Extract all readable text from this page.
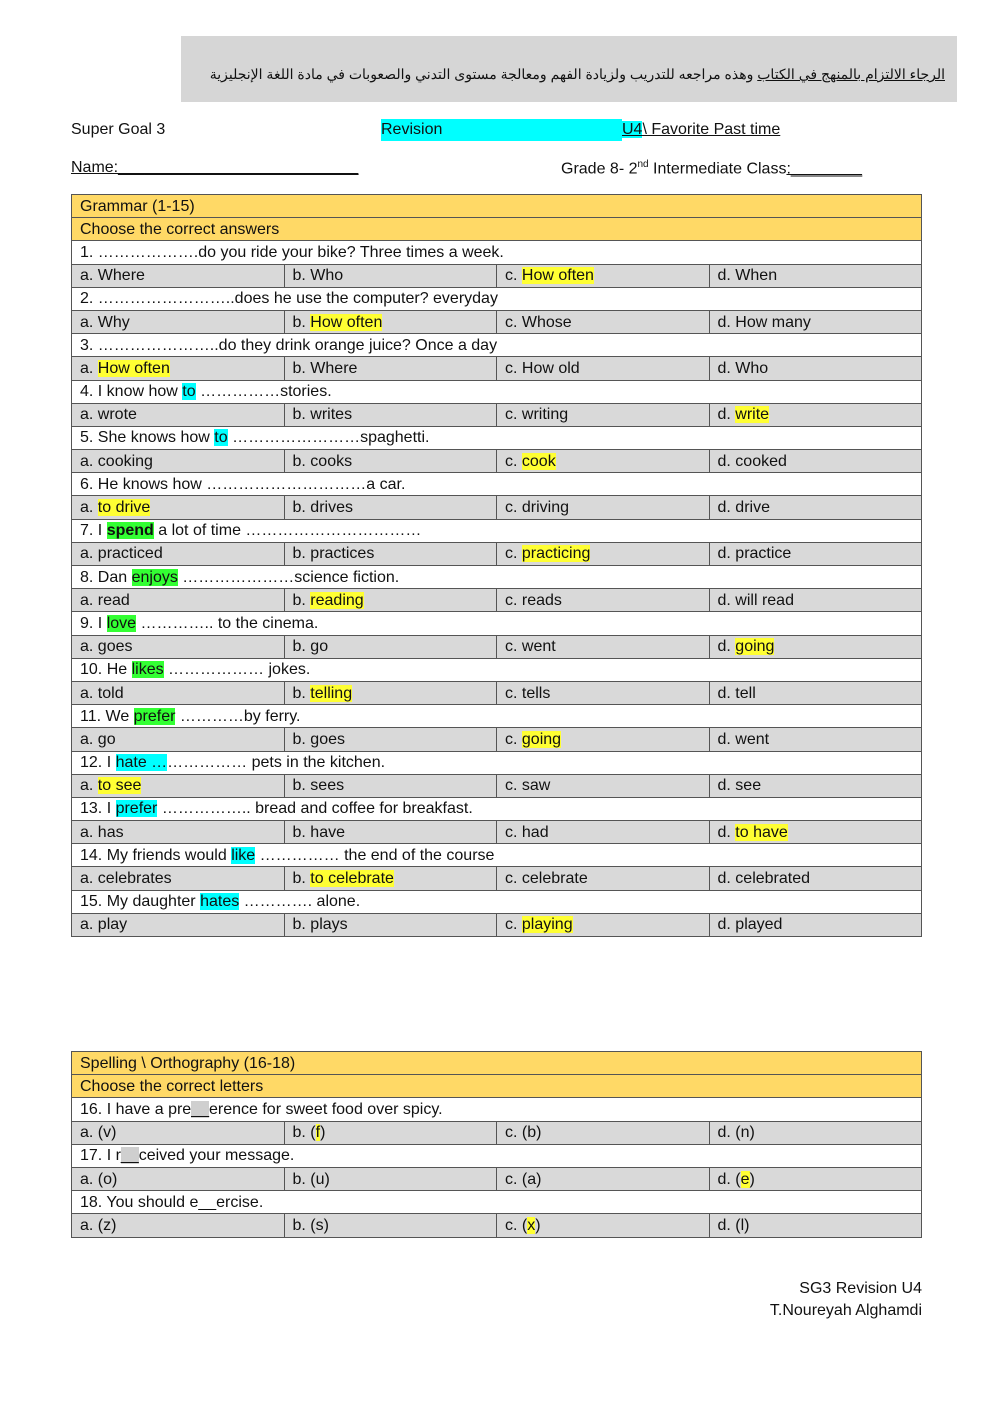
الرجاء الالتزام بالمنهج في الكتاب وهذه مراجعه للتدريب ولزيادة الفهم ومعالجة مستوى التدني والصعوبات في مادة اللغة الإنجليزية
Super Goal 3	Revision	U4\ Favorite Past time
Name:___________________________	Grade 8- 2nd Intermediate Class:________
Grammar (1-15)			
Choose the correct answers			
1. ……………….do you ride your bike? Three times a week.			
a. Where	b. Who	c. How often	d. When
2. ……………………..does he use the computer? everyday			
a. Why	b. How often	c. Whose	d. How many
3. …………………..do they drink orange juice? Once a day			
a. How often	b. Where	c. How old	d. Who
4. I know how to ……………stories.			
a. wrote	b. writes	c. writing	d. write
5. She knows how to ……………………spaghetti.			
a. cooking	b. cooks	c. cook	d. cooked
6. He knows how …………………………a car.			
a. to drive	b. drives	c. driving	d. drive
7. I spend a lot of time ……………………………			
a. practiced	b. practices	c. practicing	d. practice
8. Dan enjoys …………………science fiction.			
a. read	b. reading	c. reads	d. will read
9. I love ………….. to the cinema.			
a. goes	b. go	c. went	d. going
10. He likes ……………… jokes.			
a. told	b. telling	c. tells	d. tell
11. We prefer …………by ferry.			
a. go	b. goes	c. going	d. went
12. I hate ……………… pets in the kitchen.			
a. to see	b. sees	c. saw	d. see
13. I prefer …………….. bread and coffee for breakfast.			
a. has	b. have	c. had	d. to have
14. My friends would like …………… the end of the course			
a. celebrates	b. to celebrate	c. celebrate	d. celebrated
15. My daughter hates …………. alone.			
a. play	b. plays	c. playing	d. played
Spelling \ Orthography (16-18)			
Choose the correct letters			
16. I have a pre__erence for sweet food over spicy.			
a. (v)	b. (f)	c. (b)	d. (n)
17. I r__ceived your message.			
a. (o)	b. (u)	c. (a)	d. (e)
18. You should e__ercise.			
a. (z)	b. (s)	c. (x)	d. (l)
SG3 Revision U4
T.Noureyah Alghamdi
